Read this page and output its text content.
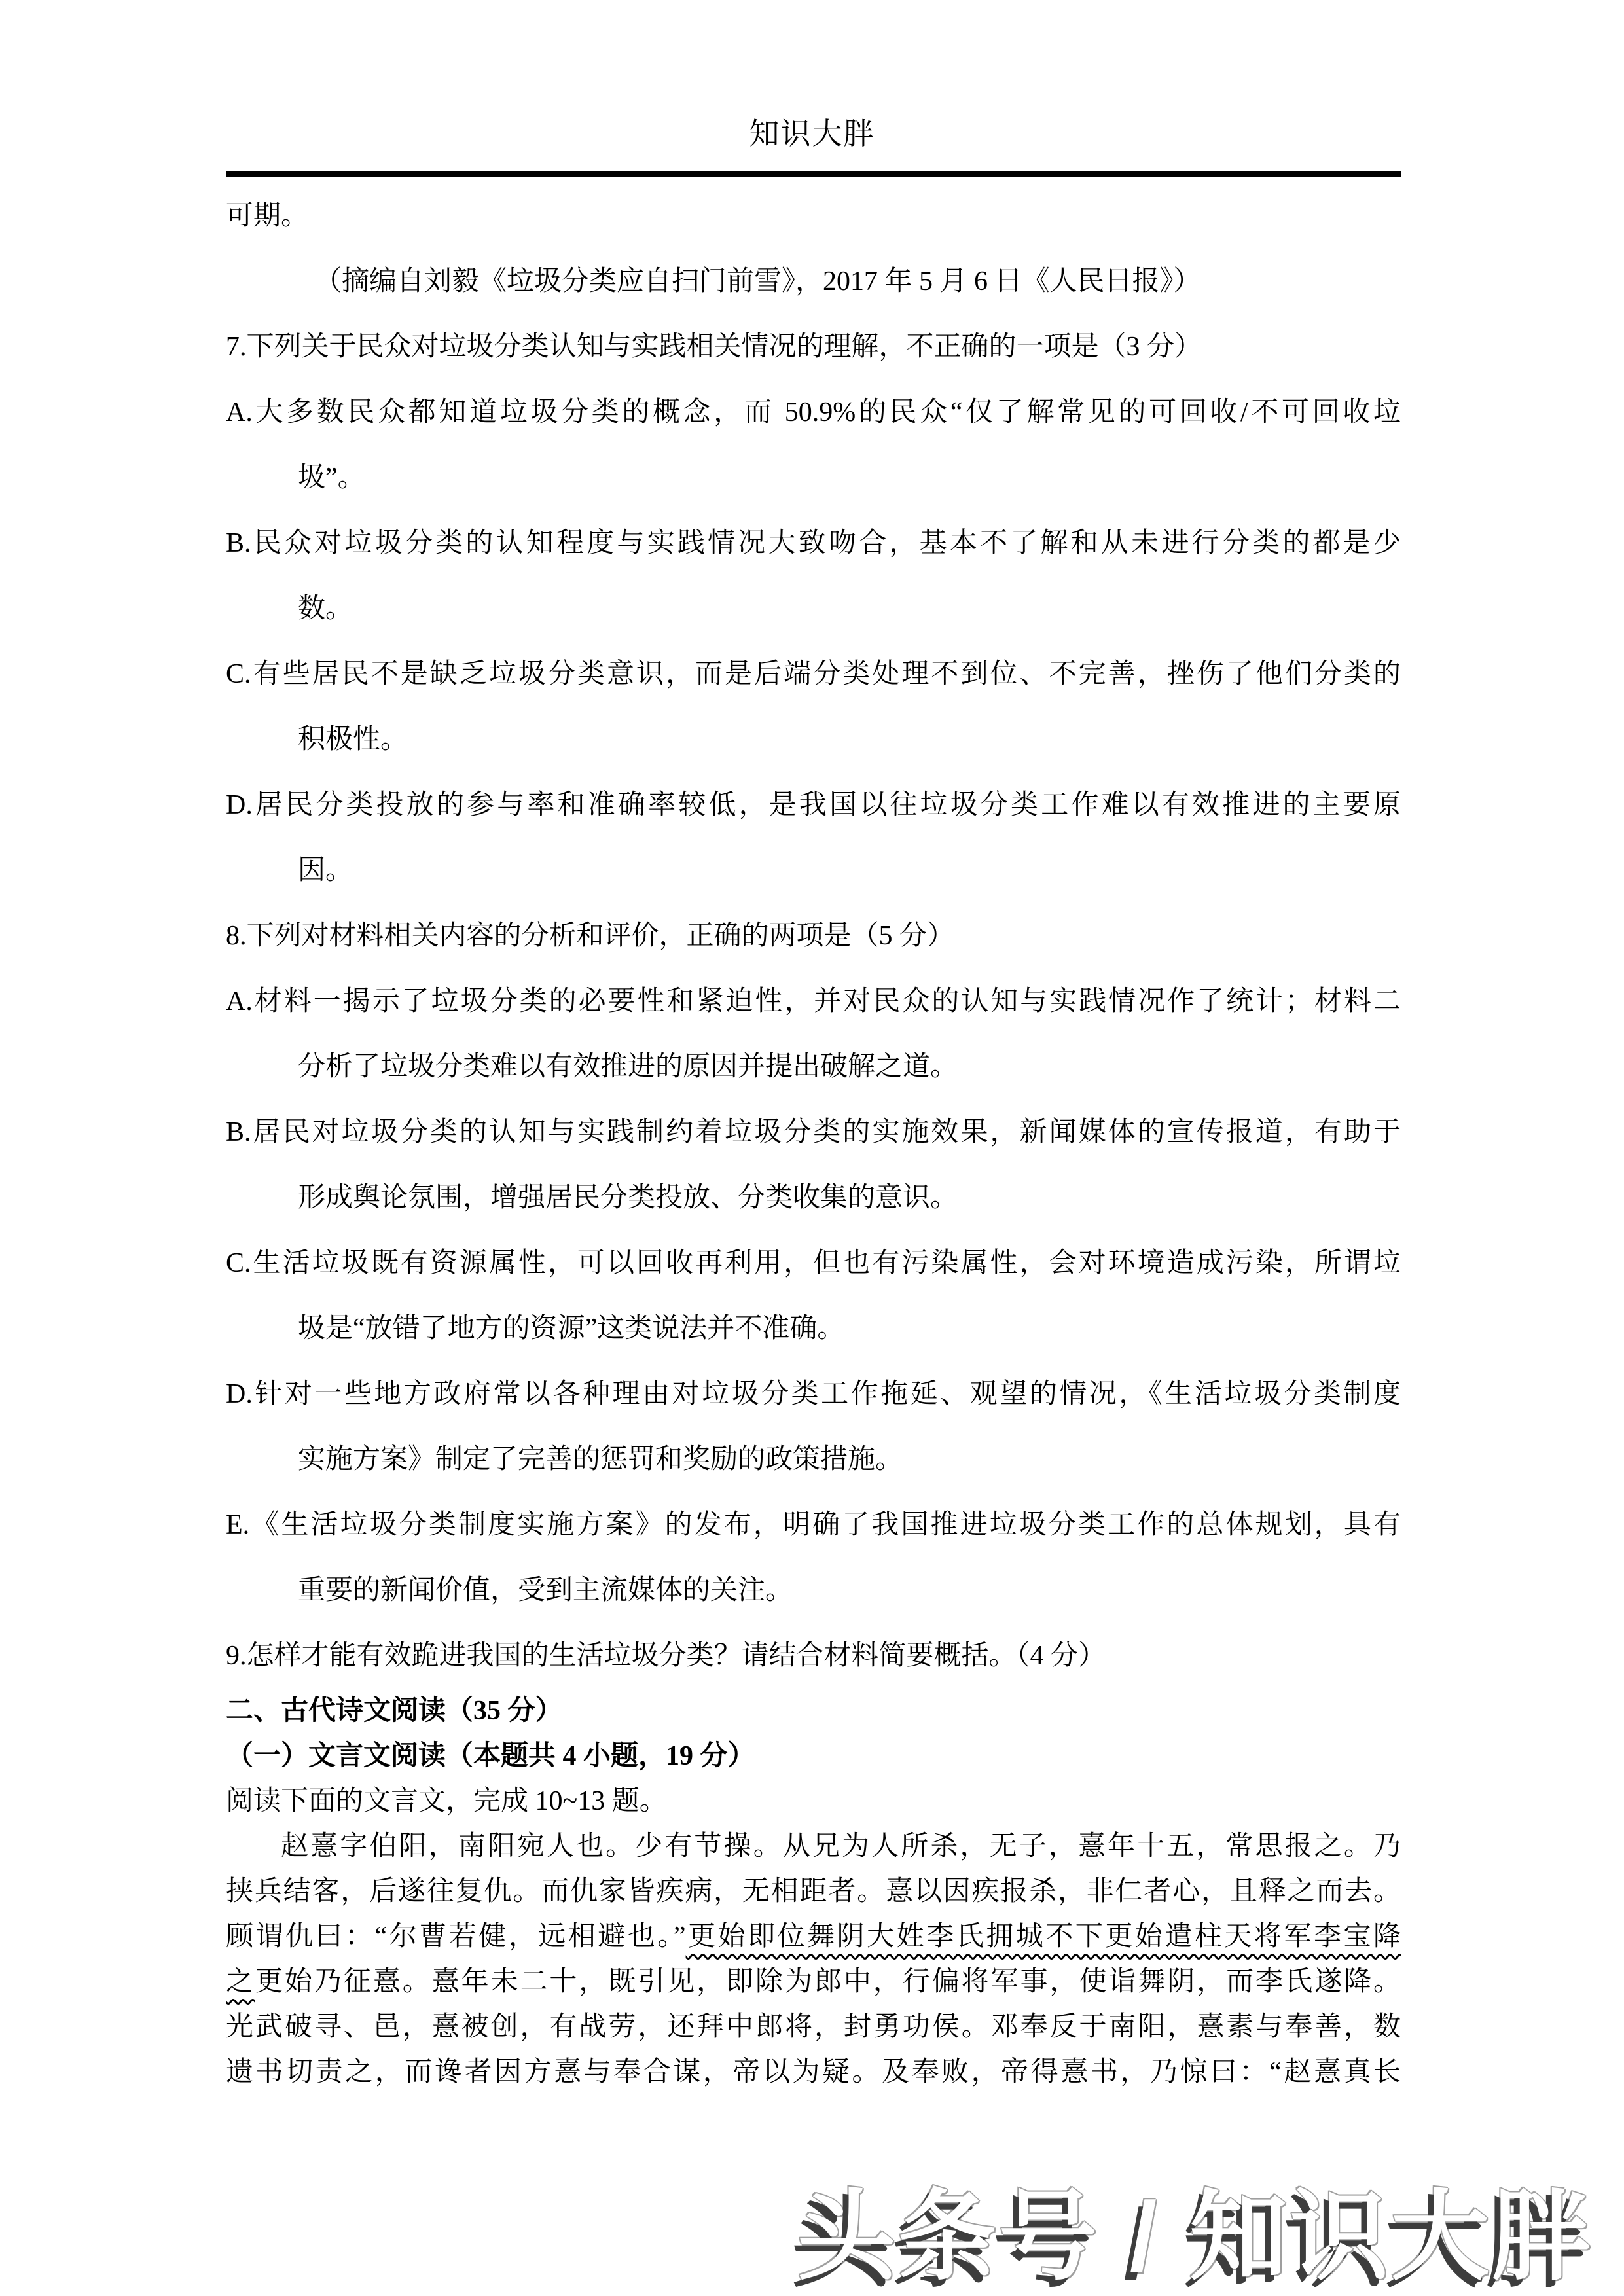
知识大胖
可期。
（摘编自刘毅《垃圾分类应自扫门前雪》，2017 年 5 月 6 日《人民日报》）
7.下列关于民众对垃圾分类认知与实践相关情况的理解，不正确的一项是（3 分）
A.大多数民众都知道垃圾分类的概念，而 50.9%的民众“仅了解常见的可回收/不可回收垃
圾”。
B.民众对垃圾分类的认知程度与实践情况大致吻合，基本不了解和从未进行分类的都是少
数。
C.有些居民不是缺乏垃圾分类意识，而是后端分类处理不到位、不完善，挫伤了他们分类的
积极性。
D.居民分类投放的参与率和准确率较低，是我国以往垃圾分类工作难以有效推进的主要原
因。
8.下列对材料相关内容的分析和评价，正确的两项是（5 分）
A.材料一揭示了垃圾分类的必要性和紧迫性，并对民众的认知与实践情况作了统计；材料二
分析了垃圾分类难以有效推进的原因并提出破解之道。
B.居民对垃圾分类的认知与实践制约着垃圾分类的实施效果，新闻媒体的宣传报道，有助于
形成舆论氛围，增强居民分类投放、分类收集的意识。
C.生活垃圾既有资源属性，可以回收再利用，但也有污染属性，会对环境造成污染，所谓垃
圾是“放错了地方的资源”这类说法并不准确。
D.针对一些地方政府常以各种理由对垃圾分类工作拖延、观望的情况，《生活垃圾分类制度
实施方案》制定了完善的惩罚和奖励的政策措施。
E.《生活垃圾分类制度实施方案》的发布，明确了我国推进垃圾分类工作的总体规划，具有
重要的新闻价值，受到主流媒体的关注。
9.怎样才能有效跪进我国的生活垃圾分类？请结合材料简要概括。（4 分）
二、古代诗文阅读（35 分）
（一）文言文阅读（本题共 4 小题，19 分）
阅读下面的文言文，完成 10~13 题。
赵憙字伯阳，南阳宛人也。少有节操。从兄为人所杀，无子，憙年十五，常思报之。乃
挟兵结客，后遂往复仇。而仇家皆疾病，无相距者。憙以因疾报杀，非仁者心，且释之而去。
顾谓仇曰：“尔曹若健，远相避也。”更始即位舞阴大姓李氏拥城不下更始遣柱天将军李宝降
之更始乃征憙。憙年未二十，既引见，即除为郎中，行偏将军事，使诣舞阴，而李氏遂降。
光武破寻、邑，憙被创，有战劳，还拜中郎将，封勇功侯。邓奉反于南阳，憙素与奉善，数
遗书切责之，而谗者因方憙与奉合谋，帝以为疑。及奉败，帝得憙书，乃惊曰：“赵憙真长
头条号 / 知识大胖
